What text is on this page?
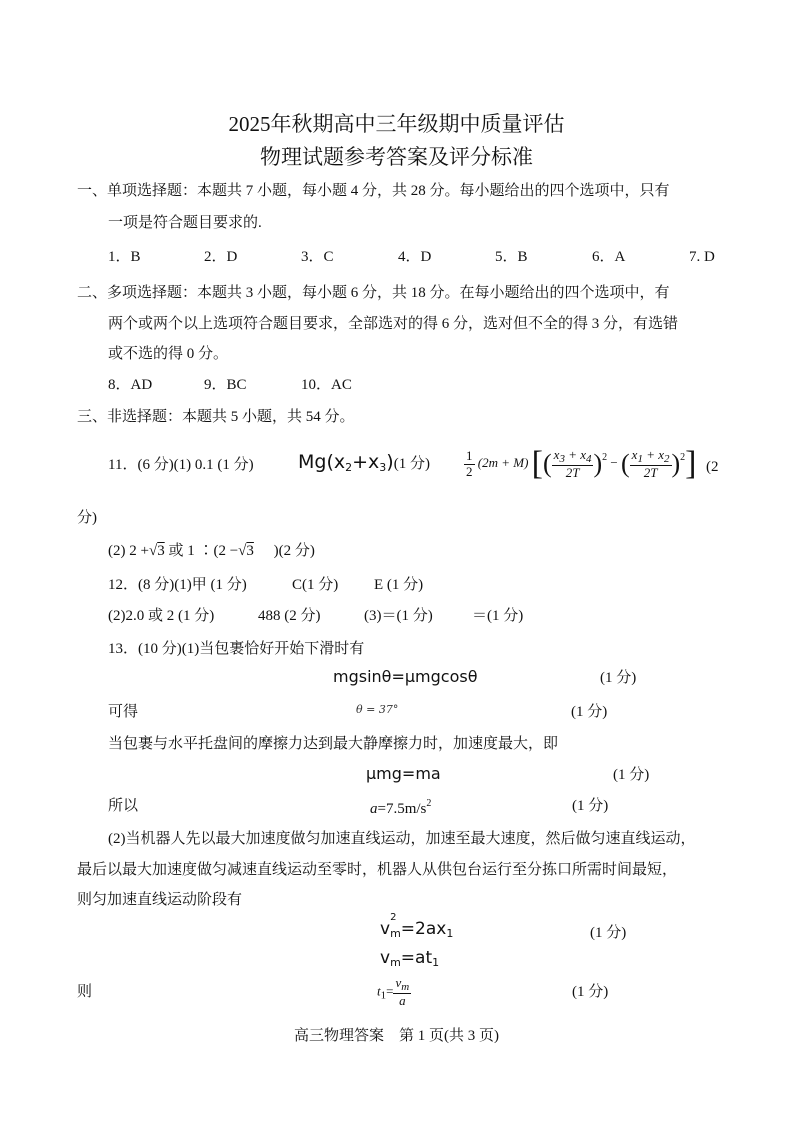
2025年秋期高中三年级期中质量评估
物理试题参考答案及评分标准
一、单项选择题：本题共 7 小题，每小题 4 分，共 28 分。每小题给出的四个选项中，只有
一项是符合题目要求的.
1．B	2．D	3．C	4．D	5．B	6．A	7. D
二、多项选择题：本题共 3 小题，每小题 6 分，共 18 分。在每小题给出的四个选项中，有
两个或两个以上选项符合题目要求，全部选对的得 6 分，选对但不全的得 3 分，有选错
或不选的得 0 分。
8．AD	9．BC	10．AC
三、非选择题：本题共 5 小题，共 54 分。
11．(6 分)(1) 0.1 (1 分) $Mg(x_2+x_3)(1$ 分)	$\frac{1}{2} (2m + M)$ [( $\frac{x_3 + x_4}{2T} )^2$ − ( $\frac{x_1 + x_2}{2T} )^2$] (2
分)
(2) 2 +√3 或 1 ∶(2 −√3 )(2 分)
12．(8 分)(1)甲 (1 分)	C(1 分) E (1 分)
(2)2.0 或 2 (1 分)	488 (2 分)	(3)＝(1 分)	＝(1 分)
13．(10 分)(1)当包裹恰好开始下滑时有
mgsinθ=μmgcosθ	(1 分)
可得	θ = 37°	(1 分)
当包裹与水平托盘间的摩擦力达到最大静摩擦力时，加速度最大，即
μmg=ma	(1 分)
所以	$a=7.5m/s^2$	(1 分)
(2)当机器人先以最大加速度做匀加速直线运动，加速至最大速度，然后做匀速直线运动，
最后以最大加速度做匀减速直线运动至零时，机器人从供包台运行至分拣口所需时间最短，
则匀加速直线运动阶段有
v
$_{2 m}=2ax_1$	(1 分)
$v_m=at_1$
则	$t_1= \frac{v_m}{a}$	(1 分)
高三物理答案　第 1 页(共 3 页)
